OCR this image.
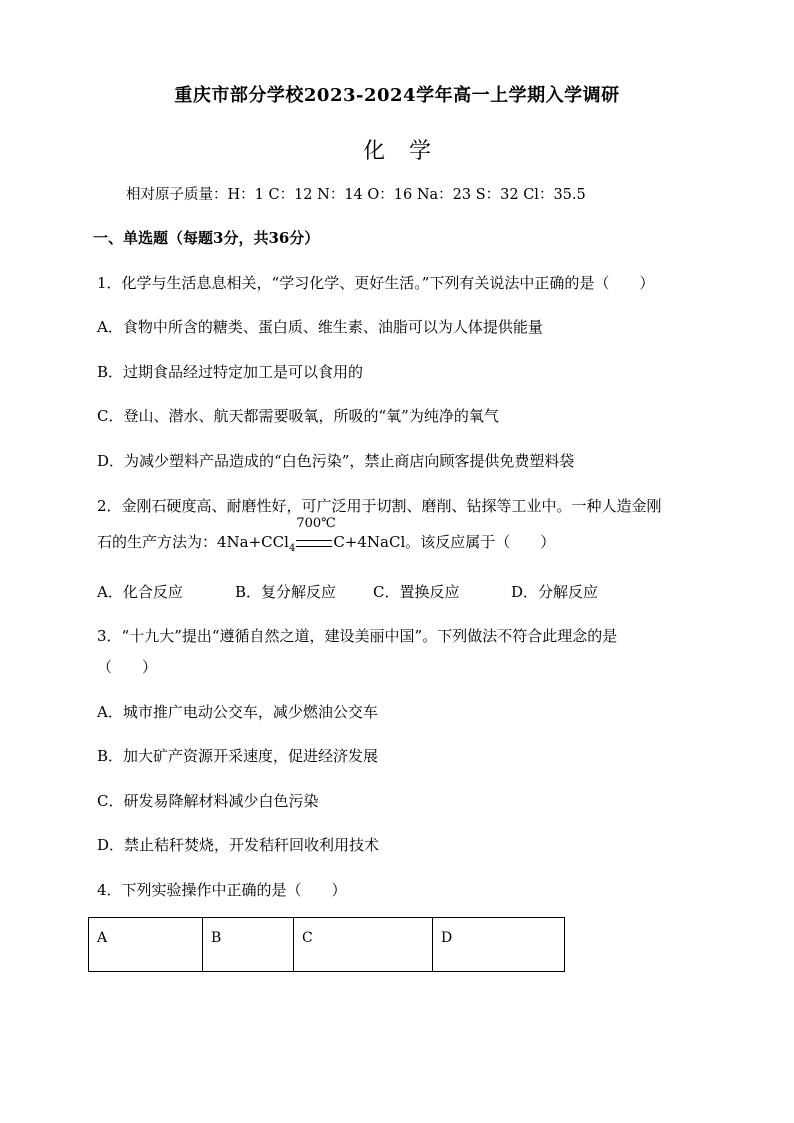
重庆市部分学校2023-2024学年高一上学期入学调研
化学
相对原子质量：H：1 C：12 N：14 O：16 Na：23 S：32 Cl：35.5
一、单选题（每题3分，共36分）
1．化学与生活息息相关，“学习化学、更好生活。”下列有关说法中正确的是（　　）
A．食物中所含的糖类、蛋白质、维生素、油脂可以为人体提供能量
B．过期食品经过特定加工是可以食用的
C．登山、潜水、航天都需要吸氧，所吸的“氧”为纯净的氧气
D．为减少塑料产品造成的“白色污染”，禁止商店向顾客提供免费塑料袋
2．金刚石硬度高、耐磨性好，可广泛用于切割、磨削、钻探等工业中。一种人造金刚
石的生产方法为：4Na+CCl$_4$
700℃
C+4NaCl。该反应属于（　　）
A．化合反应	B．复分解反应 C．置换反应	D．分解反应
3．“十九大”提出“遵循自然之道，建设美丽中国”。下列做法不符合此理念的是
（　　）
A．城市推广电动公交车，减少燃油公交车
B．加大矿产资源开采速度，促进经济发展
C．研发易降解材料减少白色污染
D．禁止秸秆焚烧，开发秸秆回收利用技术
4．下列实验操作中正确的是（　　）
A	B	C	D
